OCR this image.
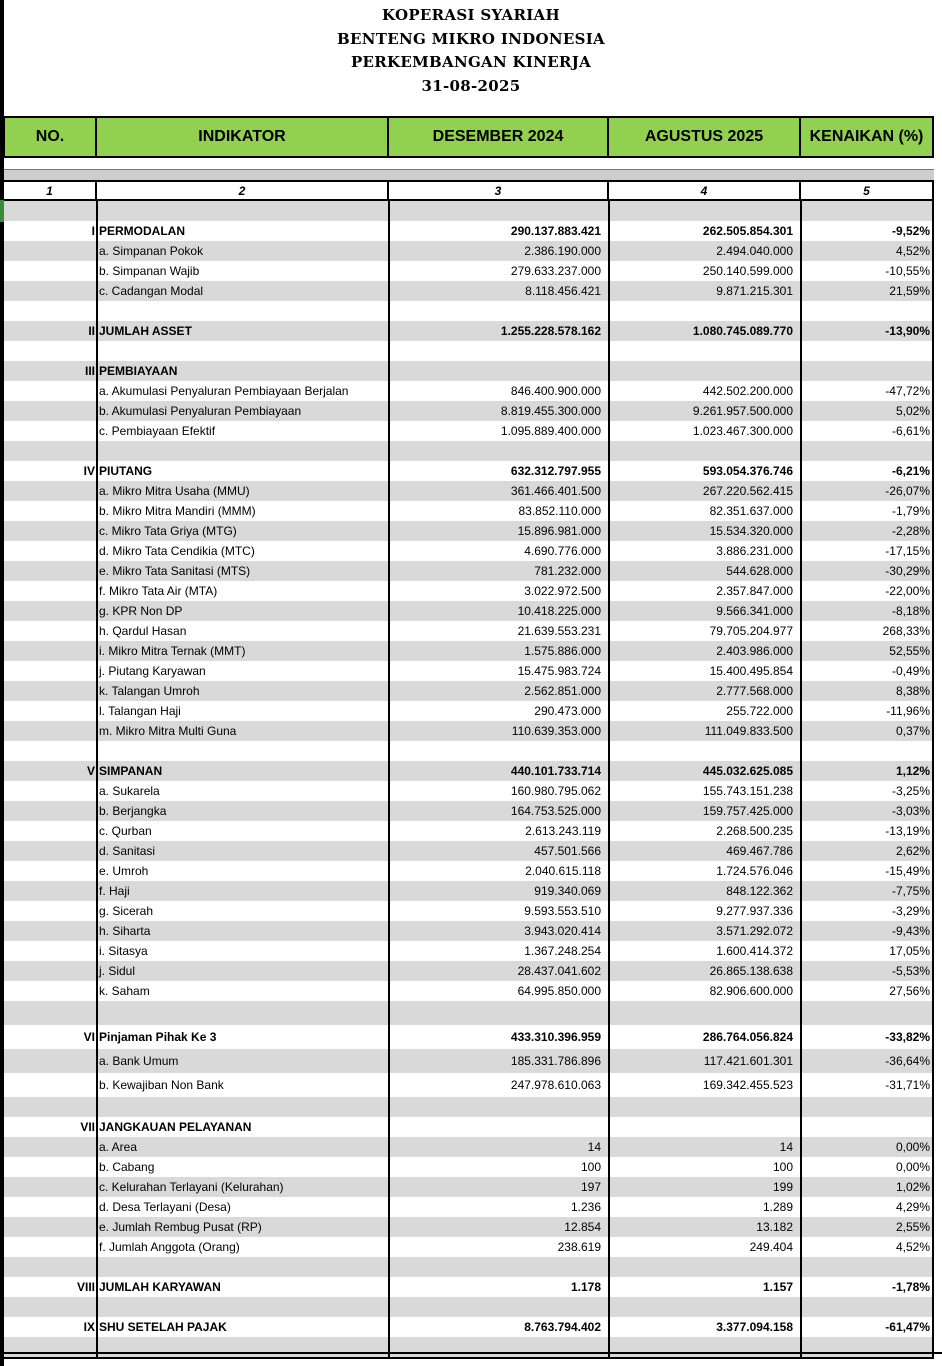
KOPERASI SYARIAH
BENTENG MIKRO INDONESIA
PERKEMBANGAN KINERJA
31-08-2025
NO.	INDIKATOR	DESEMBER 2024	AGUSTUS 2025	KENAIKAN (%)
1	2	3	4	5
I PERMODALAN	290.137.883.421	262.505.854.301	-9,52%
a. Simpanan Pokok	2.386.190.000	2.494.040.000	4,52%
b. Simpanan Wajib	279.633.237.000	250.140.599.000	-10,55%
c. Cadangan Modal	8.118.456.421	9.871.215.301	21,59%
II JUMLAH ASSET	1.255.228.578.162	1.080.745.089.770	-13,90%
III PEMBIAYAAN
a. Akumulasi Penyaluran Pembiayaan Berjalan	846.400.900.000	442.502.200.000	-47,72%
b. Akumulasi Penyaluran Pembiayaan	8.819.455.300.000	9.261.957.500.000	5,02%
c. Pembiayaan Efektif	1.095.889.400.000	1.023.467.300.000	-6,61%
IV PIUTANG	632.312.797.955	593.054.376.746	-6,21%
a. Mikro Mitra Usaha (MMU)	361.466.401.500	267.220.562.415	-26,07%
b. Mikro Mitra Mandiri (MMM)	83.852.110.000	82.351.637.000	-1,79%
c. Mikro Tata Griya (MTG)	15.896.981.000	15.534.320.000	-2,28%
d. Mikro Tata Cendikia (MTC)	4.690.776.000	3.886.231.000	-17,15%
e. Mikro Tata Sanitasi (MTS)	781.232.000	544.628.000	-30,29%
f. Mikro Tata Air (MTA)	3.022.972.500	2.357.847.000	-22,00%
g. KPR Non DP	10.418.225.000	9.566.341.000	-8,18%
h. Qardul Hasan	21.639.553.231	79.705.204.977	268,33%
i. Mikro Mitra Ternak (MMT)	1.575.886.000	2.403.986.000	52,55%
j. Piutang Karyawan	15.475.983.724	15.400.495.854	-0,49%
k. Talangan Umroh	2.562.851.000	2.777.568.000	8,38%
l. Talangan Haji	290.473.000	255.722.000	-11,96%
m. Mikro Mitra Multi Guna	110.639.353.000	111.049.833.500	0,37%
V SIMPANAN	440.101.733.714	445.032.625.085	1,12%
a. Sukarela	160.980.795.062	155.743.151.238	-3,25%
b. Berjangka	164.753.525.000	159.757.425.000	-3,03%
c. Qurban	2.613.243.119	2.268.500.235	-13,19%
d. Sanitasi	457.501.566	469.467.786	2,62%
e. Umroh	2.040.615.118	1.724.576.046	-15,49%
f. Haji	919.340.069	848.122.362	-7,75%
g. Sicerah	9.593.553.510	9.277.937.336	-3,29%
h. Siharta	3.943.020.414	3.571.292.072	-9,43%
i. Sitasya	1.367.248.254	1.600.414.372	17,05%
j. Sidul	28.437.041.602	26.865.138.638	-5,53%
k. Saham	64.995.850.000	82.906.600.000	27,56%
VI Pinjaman Pihak Ke 3	433.310.396.959	286.764.056.824	-33,82%
a. Bank Umum	185.331.786.896	117.421.601.301	-36,64%
b. Kewajiban Non Bank	247.978.610.063	169.342.455.523	-31,71%
VII JANGKAUAN PELAYANAN
a. Area	14	14	0,00%
b. Cabang	100	100	0,00%
c. Kelurahan Terlayani (Kelurahan)	197	199	1,02%
d. Desa Terlayani (Desa)	1.236	1.289	4,29%
e. Jumlah Rembug Pusat (RP)	12.854	13.182	2,55%
f. Jumlah Anggota (Orang)	238.619	249.404	4,52%
VIII JUMLAH KARYAWAN	1.178	1.157	-1,78%
IX SHU SETELAH PAJAK	8.763.794.402	3.377.094.158	-61,47%
